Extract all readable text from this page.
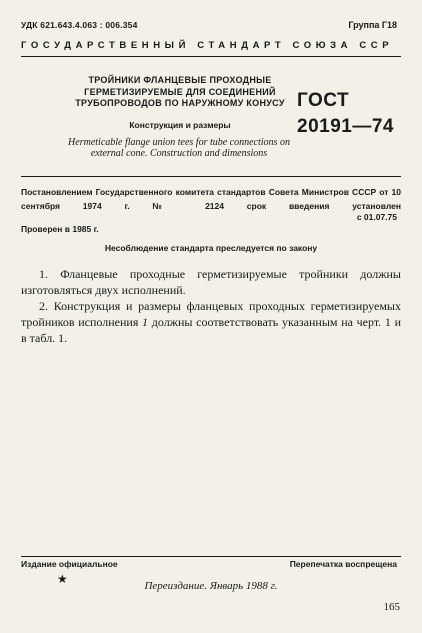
УДК 621.643.4.063 : 006.354	Группа Г18
ГОСУДАРСТВЕННЫЙ СТАНДАРТ СОЮЗА ССР
ТРОЙНИКИ ФЛАНЦЕВЫЕ ПРОХОДНЫЕ ГЕРМЕТИЗИРУЕМЫЕ ДЛЯ СОЕДИНЕНИЙ ТРУБОПРОВОДОВ ПО НАРУЖНОМУ КОНУСУ
Конструкция и размеры
Hermeticable flange union tees for tube connections on external cone. Construction and dimensions
ГОСТ
20191—74
Постановлением Государственного комитета стандартов Совета Министров СССР от 10 сентября 1974 г. № 2124 срок введения установлен
с 01.07.75
Проверен в 1985 г.
Несоблюдение стандарта преследуется по закону
1. Фланцевые проходные герметизируемые тройники должны изготовляться двух исполнений.
2. Конструкция и размеры фланцевых проходных герметизируемых тройников исполнения 1 должны соответствовать указанным на черт. 1 и в табл. 1.
Издание официальное	Перепечатка воспрещена
★	Переиздание. Январь 1988 г.
165
